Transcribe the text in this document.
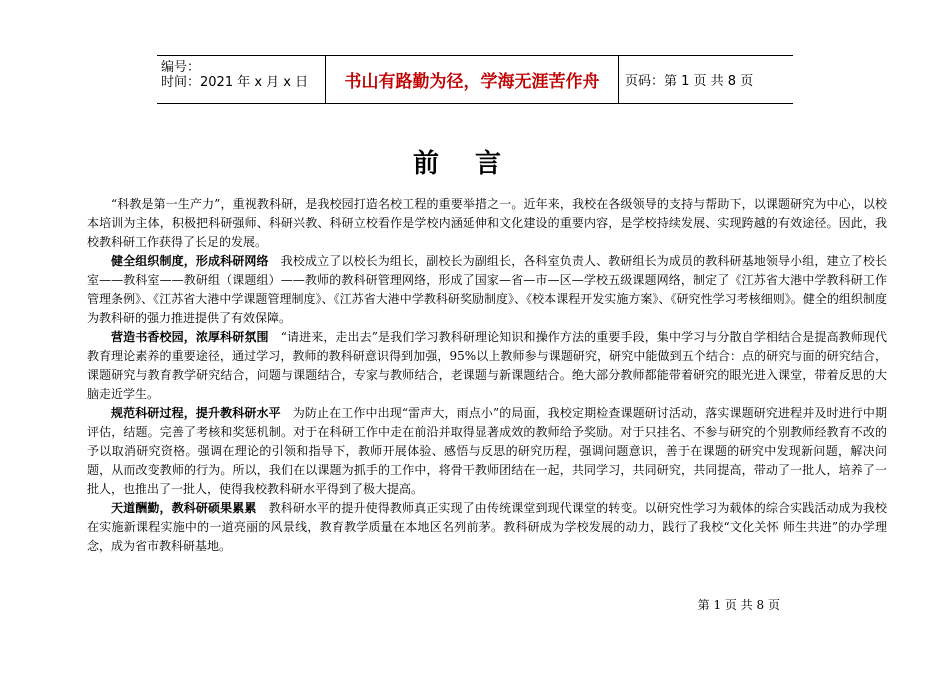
编号：
时间：2021 年 x 月 x 日	书山有路勤为径，学海无涯苦作舟	页码：第 1 页 共 8 页
前言

“科教是第一生产力”，重视教科研，是我校园打造名校工程的重要举措之一。近年来，我校在各级领导的支持与帮助下，以课题研究为中心，以校本培训为主体，积极把科研强师、科研兴教、科研立校看作是学校内涵延伸和文化建设的重要内容，是学校持续发展、实现跨越的有效途径。因此，我校教科研工作获得了长足的发展。

健全组织制度，形成科研网络　我校成立了以校长为组长，副校长为副组长，各科室负责人、教研组长为成员的教科研基地领导小组，建立了校长室——教科室——教研组（课题组）——教师的教科研管理网络，形成了国家—省—市—区—学校五级课题网络，制定了《江苏省大港中学教科研工作管理条例》、《江苏省大港中学课题管理制度》、《江苏省大港中学教科研奖励制度》、《校本课程开发实施方案》、《研究性学习考核细则》。健全的组织制度为教科研的强力推进提供了有效保障。

营造书香校园，浓厚科研氛围　“请进来，走出去”是我们学习教科研理论知识和操作方法的重要手段，集中学习与分散自学相结合是提高教师现代教育理论素养的重要途径，通过学习，教师的教科研意识得到加强，95%以上教师参与课题研究，研究中能做到五个结合：点的研究与面的研究结合，课题研究与教育教学研究结合，问题与课题结合，专家与教师结合，老课题与新课题结合。绝大部分教师都能带着研究的眼光进入课堂，带着反思的大脑走近学生。

规范科研过程，提升教科研水平　为防止在工作中出现“雷声大，雨点小”的局面，我校定期检查课题研讨活动，落实课题研究进程并及时进行中期评估，结题。完善了考核和奖惩机制。对于在科研工作中走在前沿并取得显著成效的教师给予奖励。对于只挂名、不参与研究的个别教师经教育不改的予以取消研究资格。强调在理论的引领和指导下，教师开展体验、感悟与反思的研究历程，强调问题意识，善于在课题的研究中发现新问题，解决问题，从而改变教师的行为。所以，我们在以课题为抓手的工作中，将骨干教师团结在一起，共同学习，共同研究，共同提高，带动了一批人，培养了一批人，也推出了一批人，使得我校教科研水平得到了极大提高。

天道酬勤，教科研硕果累累　教科研水平的提升使得教师真正实现了由传统课堂到现代课堂的转变。以研究性学习为载体的综合实践活动成为我校在实施新课程实施中的一道亮丽的风景线，教育教学质量在本地区名列前茅。教科研成为学校发展的动力，践行了我校“文化关怀 师生共进”的办学理念，成为省市教科研基地。

第 1 页 共 8 页
